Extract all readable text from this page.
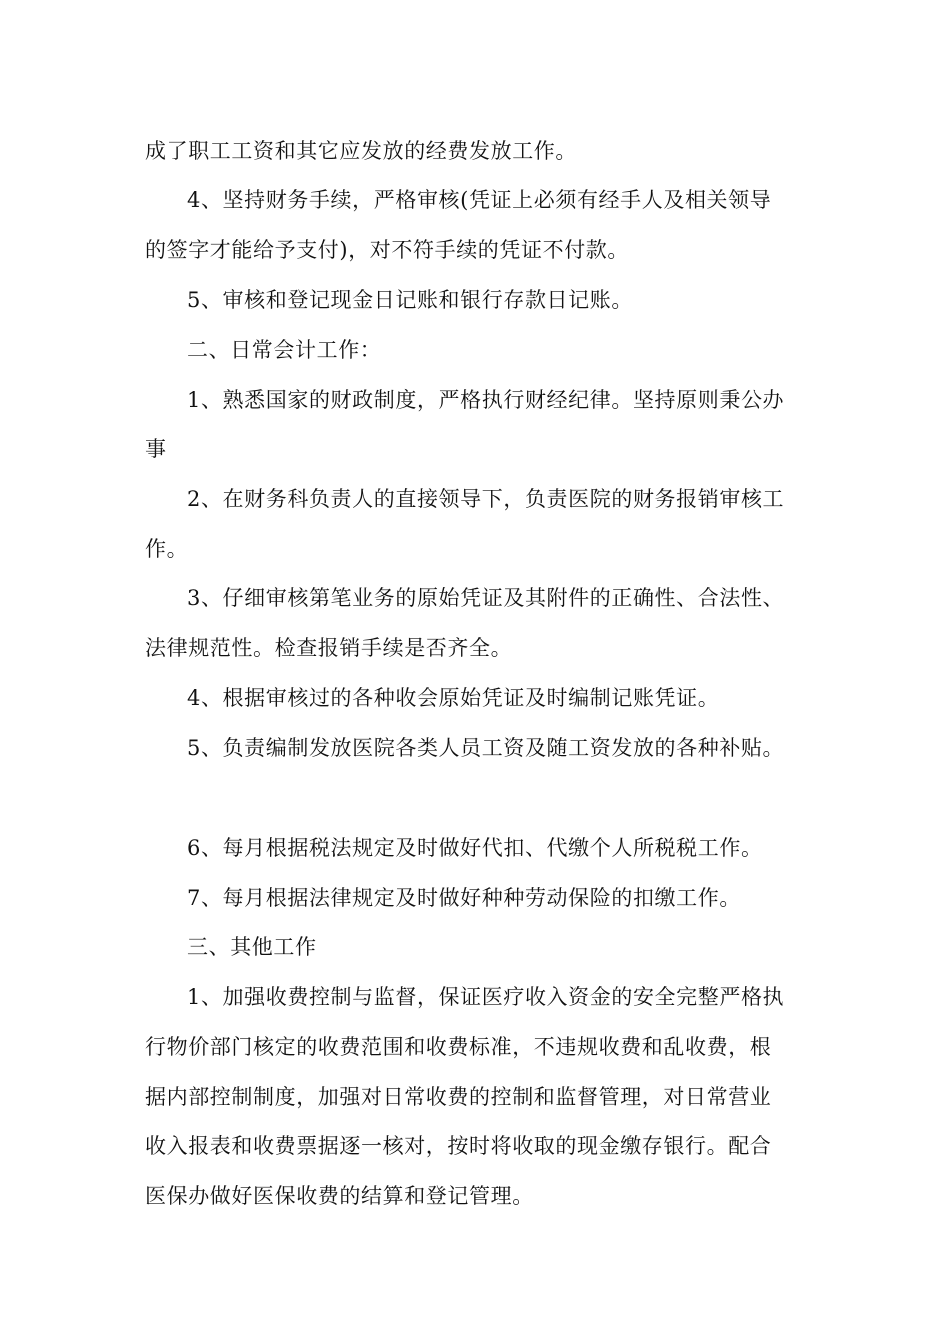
成了职工工资和其它应发放的经费发放工作。
4、坚持财务手续，严格审核(凭证上必须有经手人及相关领导
的签字才能给予支付)，对不符手续的凭证不付款。
5、审核和登记现金日记账和银行存款日记账。
二、日常会计工作：
1、熟悉国家的财政制度，严格执行财经纪律。坚持原则秉公办
事
2、在财务科负责人的直接领导下，负责医院的财务报销审核工
作。
3、仔细审核第笔业务的原始凭证及其附件的正确性、合法性、
法律规范性。检查报销手续是否齐全。
4、根据审核过的各种收会原始凭证及时编制记账凭证。
5、负责编制发放医院各类人员工资及随工资发放的各种补贴。
6、每月根据税法规定及时做好代扣、代缴个人所税税工作。
7、每月根据法律规定及时做好种种劳动保险的扣缴工作。
三、其他工作
1、加强收费控制与监督，保证医疗收入资金的安全完整严格执
行物价部门核定的收费范围和收费标准，不违规收费和乱收费，根
据内部控制制度，加强对日常收费的控制和监督管理，对日常营业
收入报表和收费票据逐一核对，按时将收取的现金缴存银行。配合
医保办做好医保收费的结算和登记管理。
